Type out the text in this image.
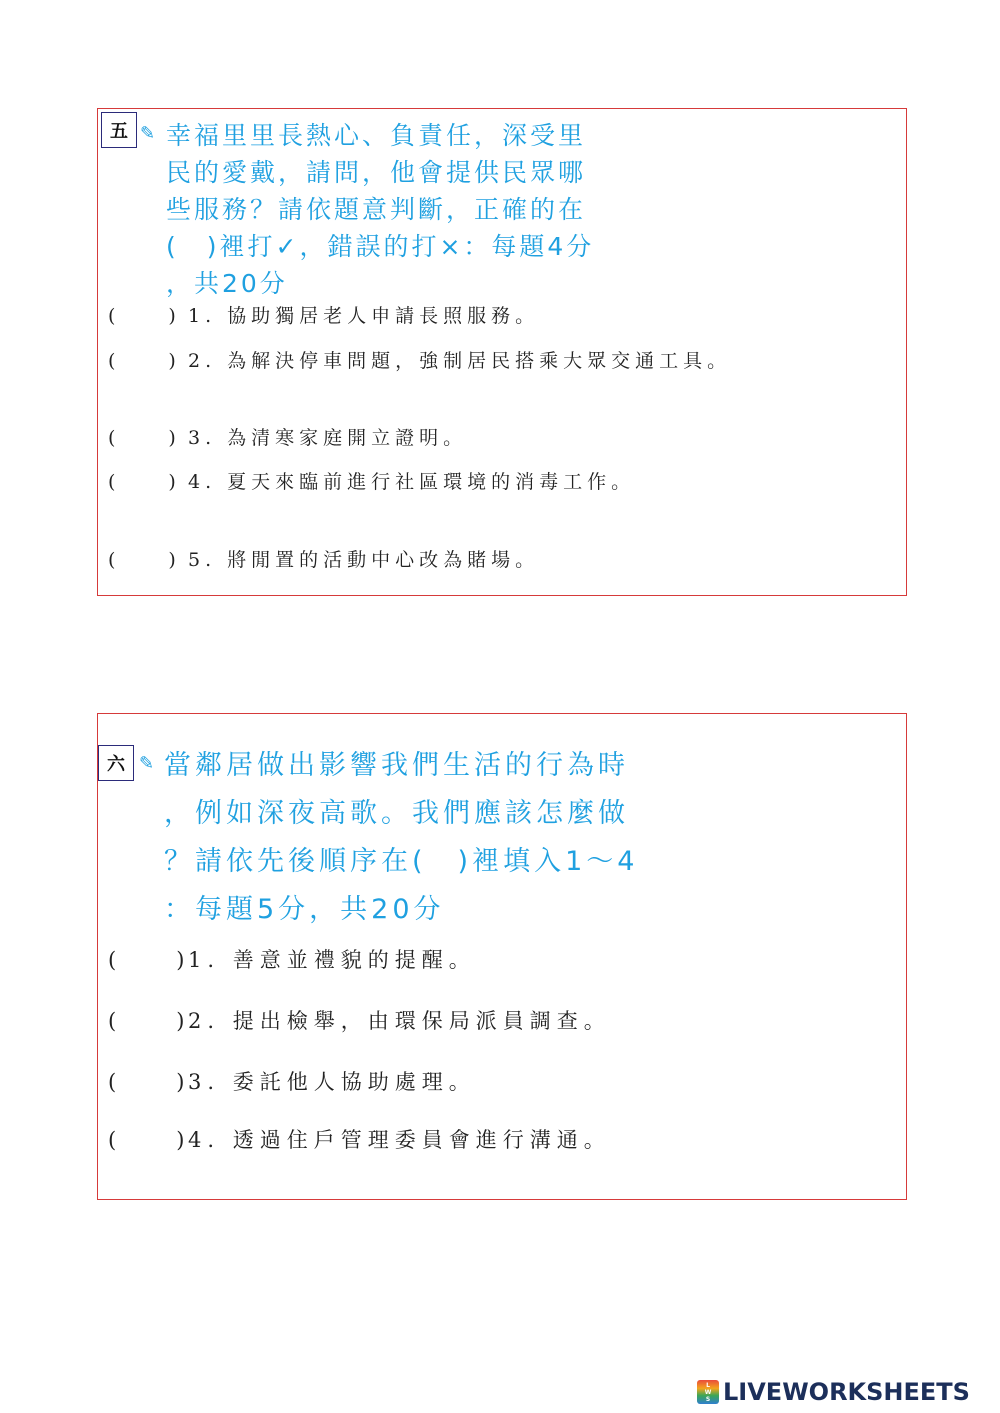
五 ✎ 幸福里里長熱心、負責任，深受里
民的愛戴，請問，他會提供民眾哪
些服務？請依題意判斷，正確的在
(　)裡打✓，錯誤的打×：每題4分
，共20分
(　　) 1. 協助獨居老人申請長照服務。
(　　) 2. 為解決停車問題，強制居民搭乘大眾交通工具。
(　　) 3. 為清寒家庭開立證明。
(　　) 4. 夏天來臨前進行社區環境的消毒工作。
(　　) 5. 將閒置的活動中心改為賭場。
六 ✎ 當鄰居做出影響我們生活的行為時
，例如深夜高歌。我們應該怎麼做
？請依先後順序在(　)裡填入1～4
：每題5分，共20分
(　　)1. 善意並禮貌的提醒。
(　　)2. 提出檢舉，由環保局派員調查。
(　　)3. 委託他人協助處理。
(　　)4. 透過住戶管理委員會進行溝通。
L
W
S LIVEWORKSHEETS
